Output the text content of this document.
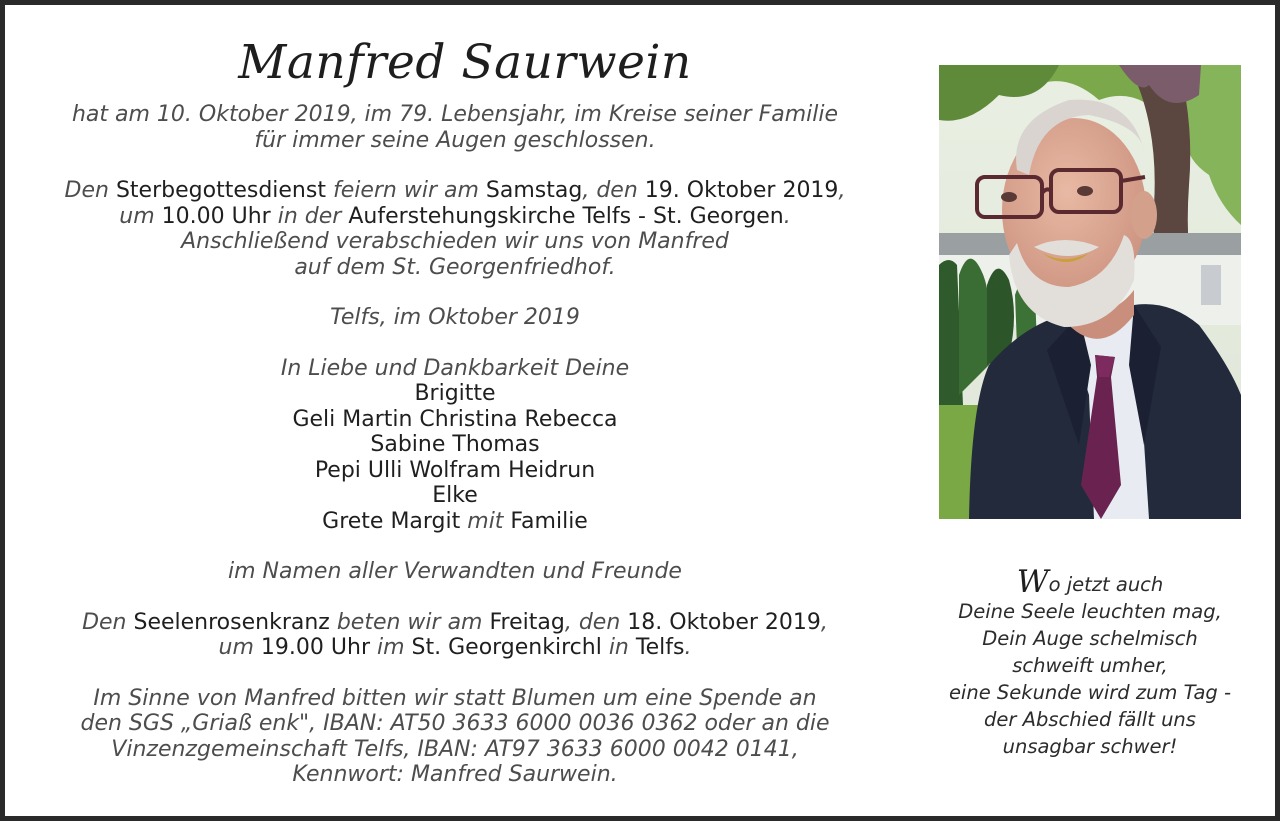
Manfred Saurwein
hat am 10. Oktober 2019, im 79. Lebensjahr, im Kreise seiner Familie
für immer seine Augen geschlossen.
Den Sterbegottesdienst feiern wir am Samstag, den 19. Oktober 2019,
um 10.00 Uhr in der Auferstehungskirche Telfs - St. Georgen.
Anschließend verabschieden wir uns von Manfred
auf dem St. Georgenfriedhof.
Telfs, im Oktober 2019
In Liebe und Dankbarkeit Deine
Brigitte
Geli Martin Christina Rebecca
Sabine Thomas
Pepi Ulli Wolfram Heidrun
Elke
Grete Margit mit Familie
im Namen aller Verwandten und Freunde
Den Seelenrosenkranz beten wir am Freitag, den 18. Oktober 2019,
um 19.00 Uhr im St. Georgenkirchl in Telfs.
Im Sinne von Manfred bitten wir statt Blumen um eine Spende an
den SGS „Griaß enk", IBAN: AT50 3633 6000 0036 0362 oder an die
Vinzenzgemeinschaft Telfs, IBAN: AT97 3633 6000 0042 0141,
Kennwort: Manfred Saurwein.
Wo jetzt auch
Deine Seele leuchten mag,
Dein Auge schelmisch
schweift umher,
eine Sekunde wird zum Tag -
der Abschied fällt uns
unsagbar schwer!
